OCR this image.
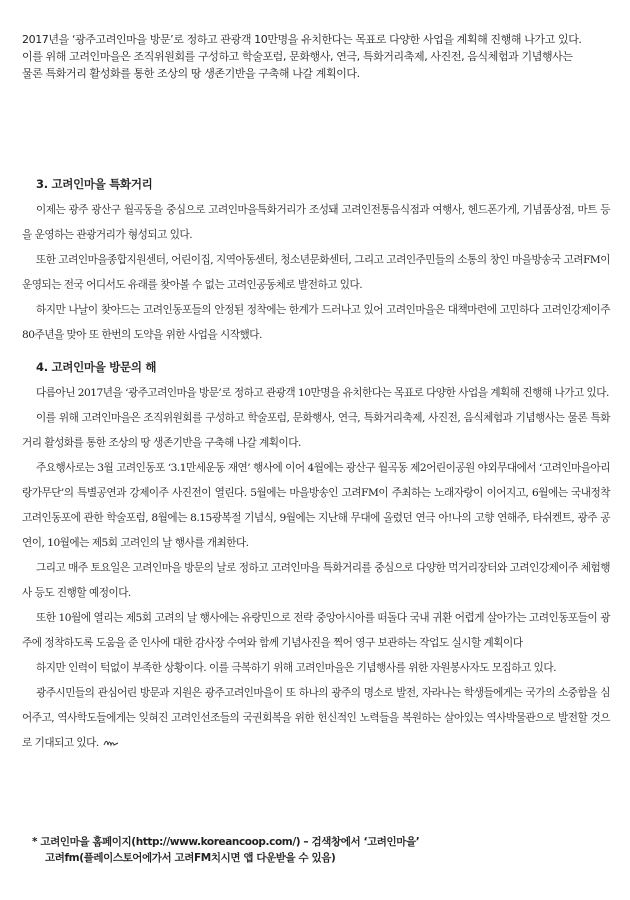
2017년을 ‘광주고려인마을 방문’로 정하고 관광객 10만명을 유치한다는 목표로 다양한 사업을 계획해 진행해 나가고 있다.

이를 위해 고려인마을은 조직위원회를 구성하고 학술포럼, 문화행사, 연극, 특화거리축제, 사진전, 음식체험과 기념행사는

물론 특화거리 활성화를 통한 조상의 땅 생존기반을 구축해 나갈 계획이다.

3. 고려인마을 특화거리

이제는 광주 광산구 월곡동을 중심으로 고려인마을특화거리가 조성돼 고려인전통음식점과 여행사, 헨드폰가게, 기념품상점, 마트 등을 운영하는 관광거리가 형성되고 있다.

또한 고려인마을종합지원센터, 어린이집, 지역아동센터, 청소년문화센터, 그리고 고려인주민들의 소통의 창인 마을방송국 고려FM이 운영되는 전국 어디서도 유래를 찾아볼 수 없는 고려인공동체로 발전하고 있다.

하지만 나날이 찾아드는 고려인동포들의 안정된 정착에는 한계가 드러나고 있어 고려인마을은 대책마련에 고민하다 고려인강제이주 80주년을 맞아 또 한번의 도약을 위한 사업을 시작했다.

4. 고려인마을 방문의 해

다름아닌 2017년을 ‘광주고려인마을 방문’로 정하고 관광객 10만명을 유치한다는 목표로 다양한 사업을 계획해 진행해 나가고 있다.

이를 위해 고려인마을은 조직위원회를 구성하고 학술포럼, 문화행사, 연극, 특화거리축제, 사진전, 음식체험과 기념행사는 물론 특화거리 활성화를 통한 조상의 땅 생존기반을 구축해 나갈 계획이다.

주요행사로는 3월 고려인동포 ‘3.1만세운동 재연’ 행사에 이어 4월에는 광산구 월곡동 제2어린이공원 야외무대에서 ‘고려인마을아리랑가무단’의 특별공연과 강제이주 사진전이 열린다. 5월에는 마을방송인 고려FM이 주최하는 노래자랑이 이어지고, 6월에는 국내정착 고려인동포에 관한 학술포럼, 8월에는 8.15광복절 기념식, 9월에는 지난해 무대에 올렸던 연극 아!나의 고향 연해주, 타쉬켄트, 광주 공연이, 10월에는 제5회 고려인의 날 행사를 개최한다.

그리고 매주 토요일은 고려인마을 방문의 날로 정하고 고려인마을 특화거리를 중심으로 다양한 먹거리장터와 고려인강제이주 체험행사 등도 진행할 예정이다.

또한 10월에 열리는 제5회 고려의 날 행사에는 유랑민으로 전락 중앙아시아를 떠돌다 국내 귀환 어렵게 살아가는 고려인동포들이 광주에 정착하도록 도움을 준 인사에 대한 감사장 수여와 함께 기념사진을 찍어 영구 보관하는 작업도 실시할 계획이다

하지만 인력이 턱없이 부족한 상황이다. 이를 극복하기 위해 고려인마을은 기념행사를 위한 자원봉사자도 모집하고 있다.

광주시민들의 관심어린 방문과 지원은 광주고려인마을이 또 하나의 광주의 명소로 발전, 자라나는 학생들에게는 국가의 소중함을 심어주고, 역사학도들에게는 잊혀진 고려인선조들의 국권회복을 위한 헌신적인 노력들을 복원하는 살아있는 역사박물관으로 발전할 것으로 기대되고 있다.

* 고려인마을 홈페이지(http://www.koreancoop.com/) – 검색창에서 ‘고려인마을’

고려fm(플레이스토어에가서 고려FM치시면 앱 다운받을 수 있음)
